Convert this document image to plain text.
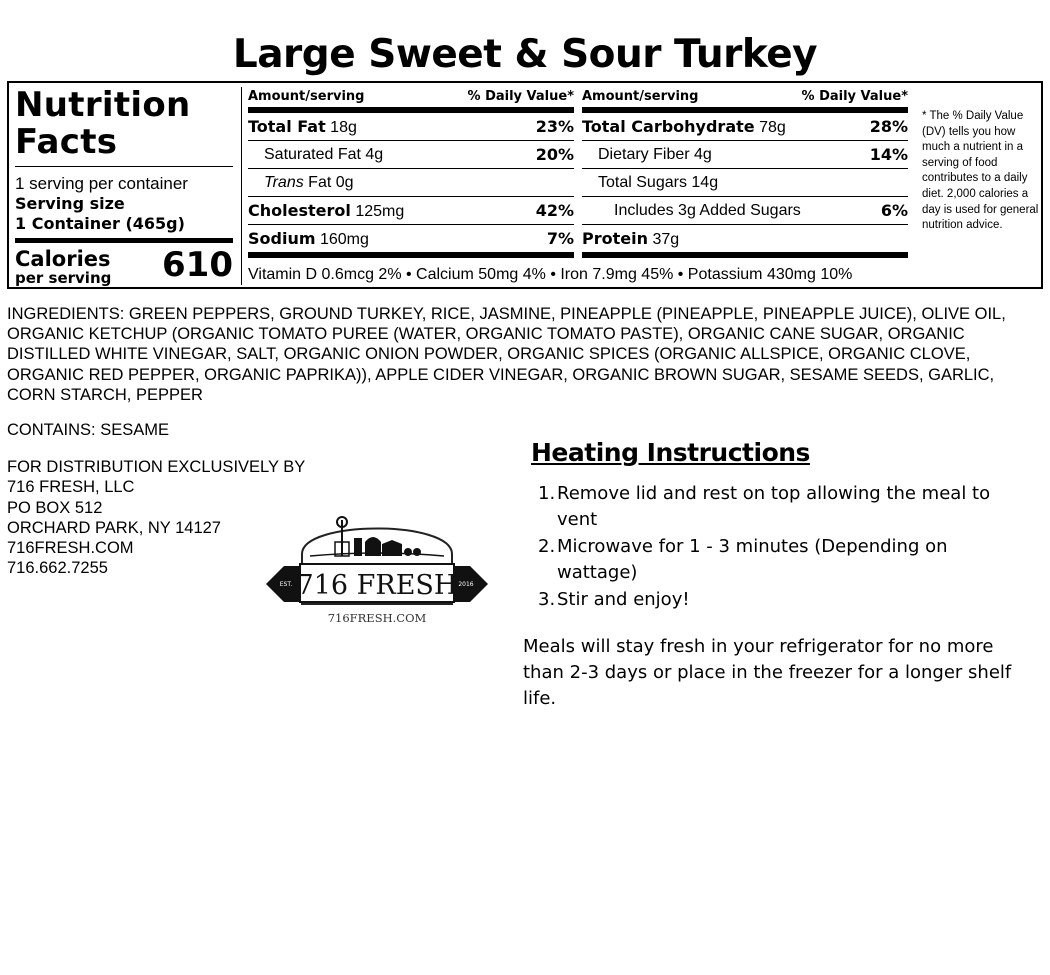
Large Sweet & Sour Turkey
Nutrition
Facts
1 serving per container
Serving size
1 Container (465g)
Calories
per serving 610
Amount/serving	% Daily Value*
Total Fat 18g	23%
Saturated Fat 4g	20%
Trans Fat 0g
Cholesterol 125mg	42%
Sodium 160mg	7%
Amount/serving	% Daily Value*
Total Carbohydrate 78g	28%
Dietary Fiber 4g	14%
Total Sugars 14g
Includes 3g Added Sugars	6%
Protein 37g
Vitamin D 0.6mcg 2% • Calcium 50mg 4% • Iron 7.9mg 45% • Potassium 430mg 10%
* The % Daily Value (DV) tells you how much a nutrient in a serving of food contributes to a daily diet. 2,000 calories a day is used for general nutrition advice.
INGREDIENTS: GREEN PEPPERS, GROUND TURKEY, RICE, JASMINE, PINEAPPLE (PINEAPPLE, PINEAPPLE JUICE), OLIVE OIL, ORGANIC KETCHUP (ORGANIC TOMATO PUREE (WATER, ORGANIC TOMATO PASTE), ORGANIC CANE SUGAR, ORGANIC DISTILLED WHITE VINEGAR, SALT, ORGANIC ONION POWDER, ORGANIC SPICES (ORGANIC ALLSPICE, ORGANIC CLOVE, ORGANIC RED PEPPER, ORGANIC PAPRIKA)), APPLE CIDER VINEGAR, ORGANIC BROWN SUGAR, SESAME SEEDS, GARLIC, CORN STARCH, PEPPER
CONTAINS: SESAME
FOR DISTRIBUTION EXCLUSIVELY BY
716 FRESH, LLC
PO BOX 512
ORCHARD PARK, NY 14127
716FRESH.COM
716.662.7255
716 FRESH
EST.	2016
716FRESH.COM
Heating Instructions
1. Remove lid and rest on top allowing the meal to vent
2. Microwave for 1 - 3 minutes (Depending on wattage)
3. Stir and enjoy!
Meals will stay fresh in your refrigerator for no more than 2-3 days or place in the freezer for a longer shelf life.
